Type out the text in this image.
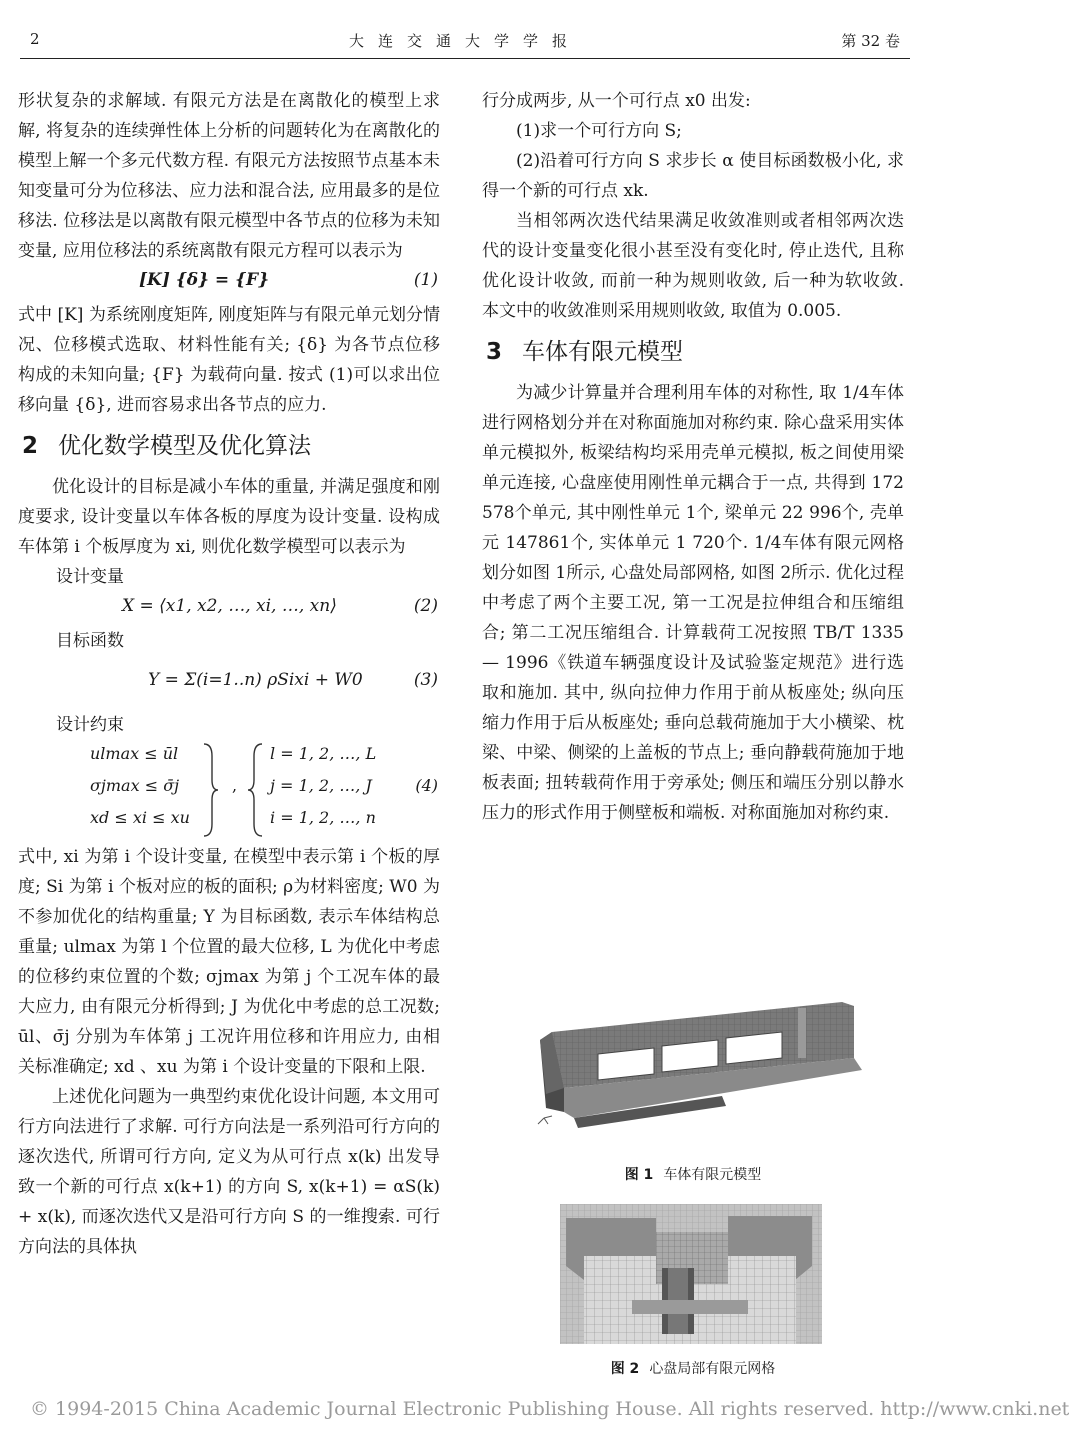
2	大连交通大学学报	第 32 卷

形状复杂的求解域. 有限元方法是在离散化的模型上求解, 将复杂的连续弹性体上分析的问题转化为在离散化的模型上解一个多元代数方程. 有限元方法按照节点基本未知变量可分为位移法、应力法和混合法, 应用最多的是位移法. 位移法是以离散有限元模型中各节点的位移为未知变量, 应用位移法的系统离散有限元方程可以表示为

[K] {δ} = {F}	(1)

式中 [K] 为系统刚度矩阵, 刚度矩阵与有限元单元划分情况、位移模式选取、材料性能有关; {δ} 为各节点位移构成的未知向量; {F} 为载荷向量. 按式 (1)可以求出位移向量 {δ}, 进而容易求出各节点的应力.

2 优化数学模型及优化算法

优化设计的目标是减小车体的重量, 并满足强度和刚度要求, 设计变量以车体各板的厚度为设计变量. 设构成车体第 i 个板厚度为 xi, 则优化数学模型可以表示为

设计变量

X = ⟨x1, x2, …, xi, …, xn⟩	(2)

目标函数

Y = Σ(i=1..n) ρSixi + W0	(3)

设计约束

ulmax ≤ ūl
σjmax ≤ σ̄j
xd ≤ xi ≤ xu
,
l = 1, 2, …, L
j = 1, 2, …, J
i = 1, 2, …, n
(4)

式中, xi 为第 i 个设计变量, 在模型中表示第 i 个板的厚度; Si 为第 i 个板对应的板的面积; ρ为材料密度; W0 为不参加优化的结构重量; Y 为目标函数, 表示车体结构总重量; ulmax 为第 l 个位置的最大位移, L 为优化中考虑的位移约束位置的个数; σjmax 为第 j 个工况车体的最大应力, 由有限元分析得到; J 为优化中考虑的总工况数; ūl、σ̄j 分别为车体第 j 工况许用位移和许用应力, 由相关标准确定; xd 、xu 为第 i 个设计变量的下限和上限.

上述优化问题为一典型约束优化设计问题, 本文用可行方向法进行了求解. 可行方向法是一系列沿可行方向的逐次迭代, 所谓可行方向, 定义为从可行点 x(k) 出发导致一个新的可行点 x(k+1) 的方向 S, x(k+1) = αS(k) + x(k), 而逐次迭代又是沿可行方向 S 的一维搜索. 可行方向法的具体执

行分成两步, 从一个可行点 x0 出发:

(1)求一个可行方向 S;

(2)沿着可行方向 S 求步长 α 使目标函数极小化, 求得一个新的可行点 xk.

当相邻两次迭代结果满足收敛准则或者相邻两次迭代的设计变量变化很小甚至没有变化时, 停止迭代, 且称优化设计收敛, 而前一种为规则收敛, 后一种为软收敛. 本文中的收敛准则采用规则收敛, 取值为 0.005.

3 车体有限元模型

为减少计算量并合理利用车体的对称性, 取 1/4车体进行网格划分并在对称面施加对称约束. 除心盘采用实体单元模拟外, 板梁结构均采用壳单元模拟, 板之间使用梁单元连接, 心盘座使用刚性单元耦合于一点, 共得到 172 578个单元, 其中刚性单元 1个, 梁单元 22 996个, 壳单元 147861个, 实体单元 1 720个. 1/4车体有限元网格划分如图 1所示, 心盘处局部网格, 如图 2所示. 优化过程中考虑了两个主要工况, 第一工况是拉伸组合和压缩组合; 第二工况压缩组合. 计算载荷工况按照 TB/T 1335— 1996《铁道车辆强度设计及试验鉴定规范》进行选取和施加. 其中, 纵向拉伸力作用于前从板座处; 纵向压缩力作用于后从板座处; 垂向总载荷施加于大小横梁、枕梁、中梁、侧梁的上盖板的节点上; 垂向静载荷施加于地板表面; 扭转载荷作用于旁承处; 侧压和端压分别以静水压力的形式作用于侧壁板和端板. 对称面施加对称约束.

图 1 车体有限元模型
图 2 心盘局部有限元网格
© 1994-2015 China Academic Journal Electronic Publishing House. All rights reserved. http://www.cnki.net
